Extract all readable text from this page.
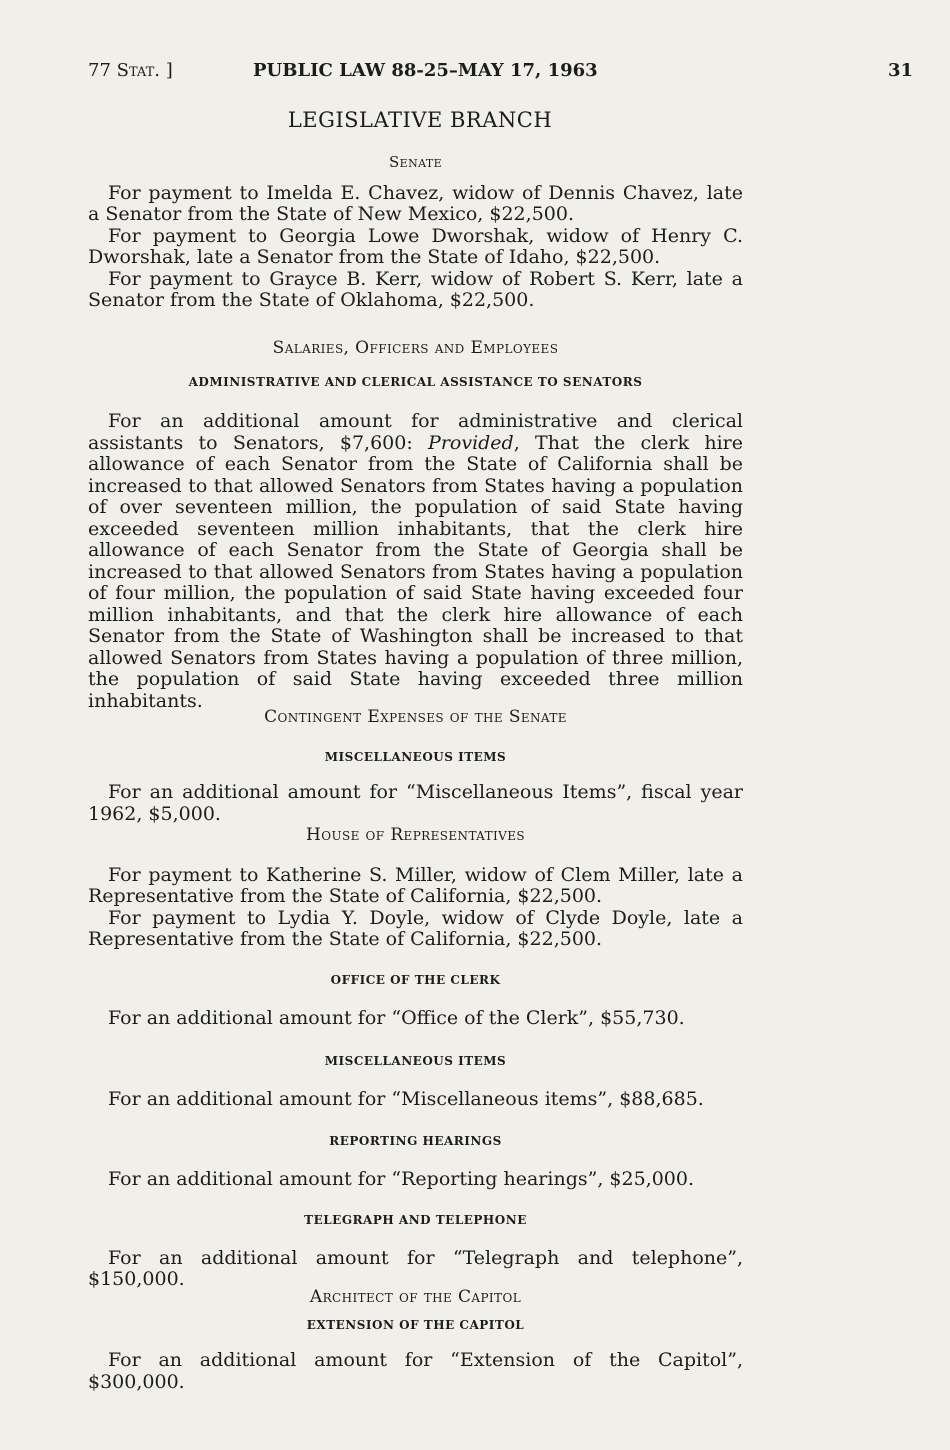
77 Stat. ]	PUBLIC LAW 88-25–MAY 17, 1963	31
LEGISLATIVE BRANCH
Senate

For payment to Imelda E. Chavez, widow of Dennis Chavez, late a Senator from the State of New Mexico, $22,500.

For payment to Georgia Lowe Dworshak, widow of Henry C. Dworshak, late a Senator from the State of Idaho, $22,500.

For payment to Grayce B. Kerr, widow of Robert S. Kerr, late a Senator from the State of Oklahoma, $22,500.

Salaries, Officers and Employees
ADMINISTRATIVE AND CLERICAL ASSISTANCE TO SENATORS

For an additional amount for administrative and clerical assistants to Senators, $7,600: Provided, That the clerk hire allowance of each Senator from the State of California shall be increased to that allowed Senators from States having a population of over seventeen million, the population of said State having exceeded seventeen million inhabitants, that the clerk hire allowance of each Senator from the State of Georgia shall be increased to that allowed Senators from States having a population of four million, the population of said State having exceeded four million inhabitants, and that the clerk hire allowance of each Senator from the State of Washington shall be increased to that allowed Senators from States having a population of three million, the population of said State having exceeded three million inhabitants.

Contingent Expenses of the Senate
MISCELLANEOUS ITEMS

For an additional amount for “Miscellaneous Items”, fiscal year 1962, $5,000.

House of Representatives

For payment to Katherine S. Miller, widow of Clem Miller, late a Representative from the State of California, $22,500.

For payment to Lydia Y. Doyle, widow of Clyde Doyle, late a Representative from the State of California, $22,500.

OFFICE OF THE CLERK

For an additional amount for “Office of the Clerk”, $55,730.

MISCELLANEOUS ITEMS

For an additional amount for “Miscellaneous items”, $88,685.

REPORTING HEARINGS

For an additional amount for “Reporting hearings”, $25,000.

TELEGRAPH AND TELEPHONE

For an additional amount for “Telegraph and telephone”, $150,000.

Architect of the Capitol
EXTENSION OF THE CAPITOL

For an additional amount for “Extension of the Capitol”, $300,000.
